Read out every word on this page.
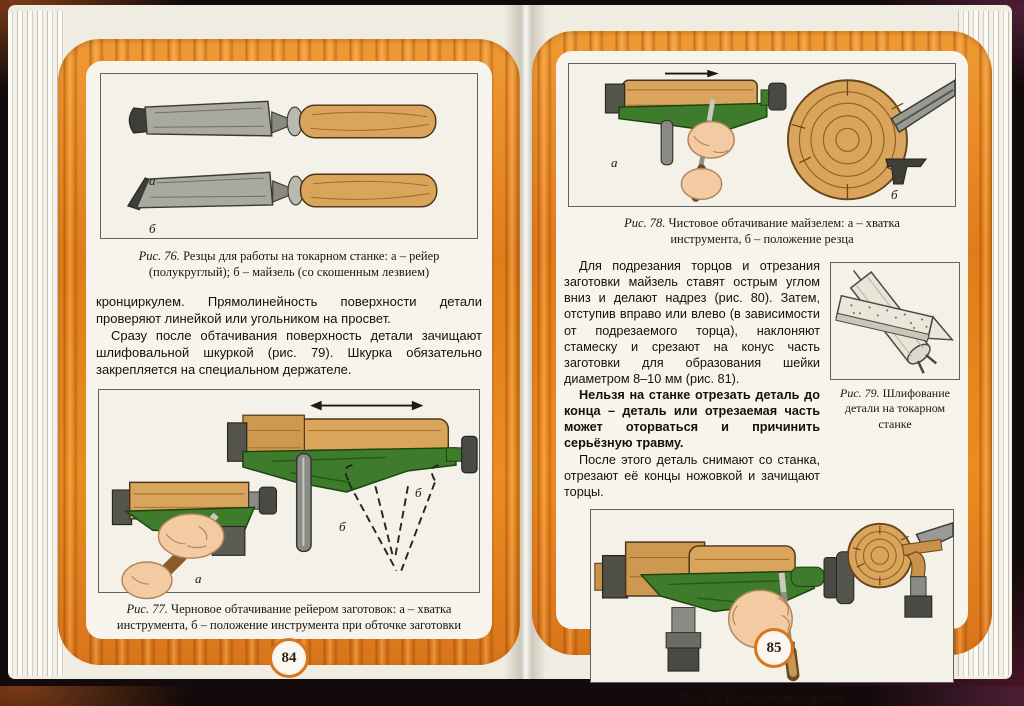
а
б
Рис. 76. Резцы для работы на токарном станке: а – рейер (полукруглый); б – майзель (со скошенным лезвием)

кронциркулем. Прямолинейность поверхности детали проверяют линейкой или угольником на просвет.

Сразу после обтачивания поверхность детали зачищают шлифовальной шкуркой (рис. 79). Шкурка обязательно закрепляется на специальном держателе.

а
б
б
Рис. 77. Черновое обтачивание рейером заготовок: а – хватка инструмента, б – положение инструмента при обточке заготовки
84
а
б
Рис. 78. Чистовое обтачивание майзелем: а – хватка инструмента, б – положение резца

Для подрезания торцов и отрезания заготовки майзель ставят острым углом вниз и делают надрез (рис. 80). Затем, отступив вправо или влево (в зависимости от подрезаемого торца), наклоняют стамеску и срезают на конус часть заготовки для образования шейки диаметром 8–10 мм (рис. 81).

Нельзя на станке отрезать деталь до конца – деталь или отрезаемая часть может оторваться и причинить серьёзную травму.

После этого деталь снимают со станка, отрезают её концы ножовкой и зачищают торцы.

Рис. 79. Шлифование детали на токарном станке
Рис. 80. Выполнение надрезов
85
